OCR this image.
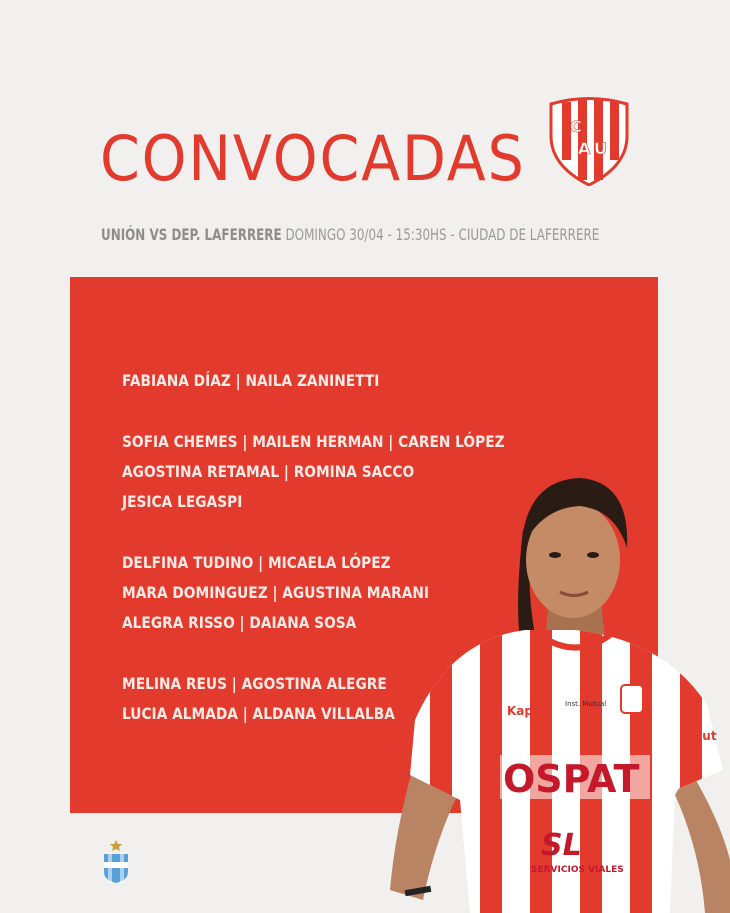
CONVOCADAS	C
A U
UNIÓN VS DEP. LAFERRERE DOMINGO 30/04 - 15:30HS - CIUDAD DE LAFERRERE
FABIANA DÍAZ | NAILA ZANINETTI
SOFIA CHEMES | MAILEN HERMAN | CAREN LÓPEZ
AGOSTINA RETAMAL | ROMINA SACCO
JESICA LEGASPI
DELFINA TUDINO | MICAELA LÓPEZ
MARA DOMINGUEZ | AGUSTINA MARANI
ALEGRA RISSO | DAIANA SOSA
MELINA REUS | AGOSTINA ALEGRE
LUCIA ALMADA | ALDANA VILLALBA	Kappa Inst. Mutual
Aut
OSPAT
SL
SERVICIOS VIALES
